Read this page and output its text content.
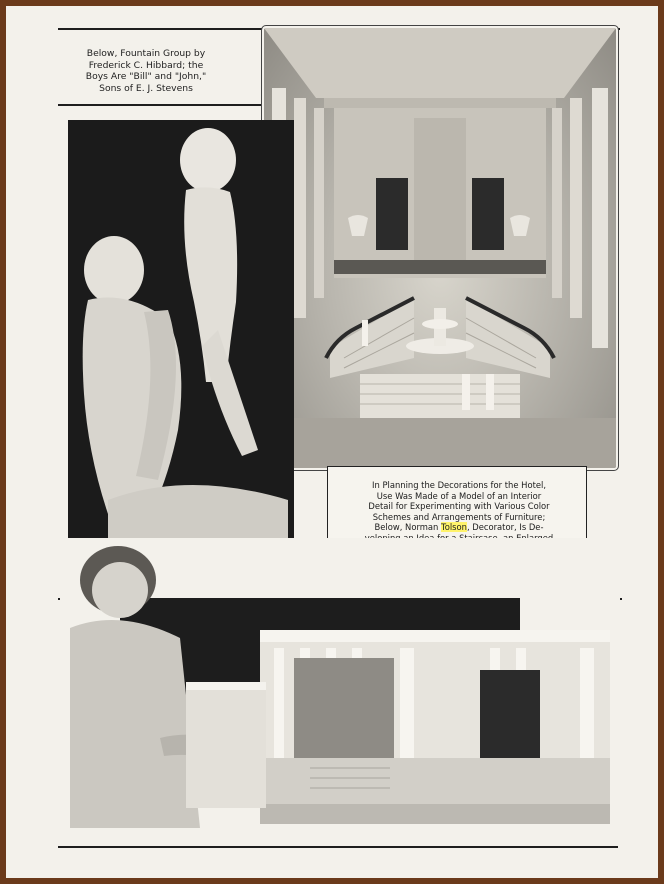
Below, Fountain Group by
Frederick C. Hibbard; the
Boys Are "Bill" and "John,"
Sons of E. J. Stevens
In Planning the Decorations for the Hotel,
Use Was Made of a Model of an Interior
Detail for Experimenting with Various Color
Schemes and Arrangements of Furniture;
Below, Norman Tolson, Decorator, Is De-
